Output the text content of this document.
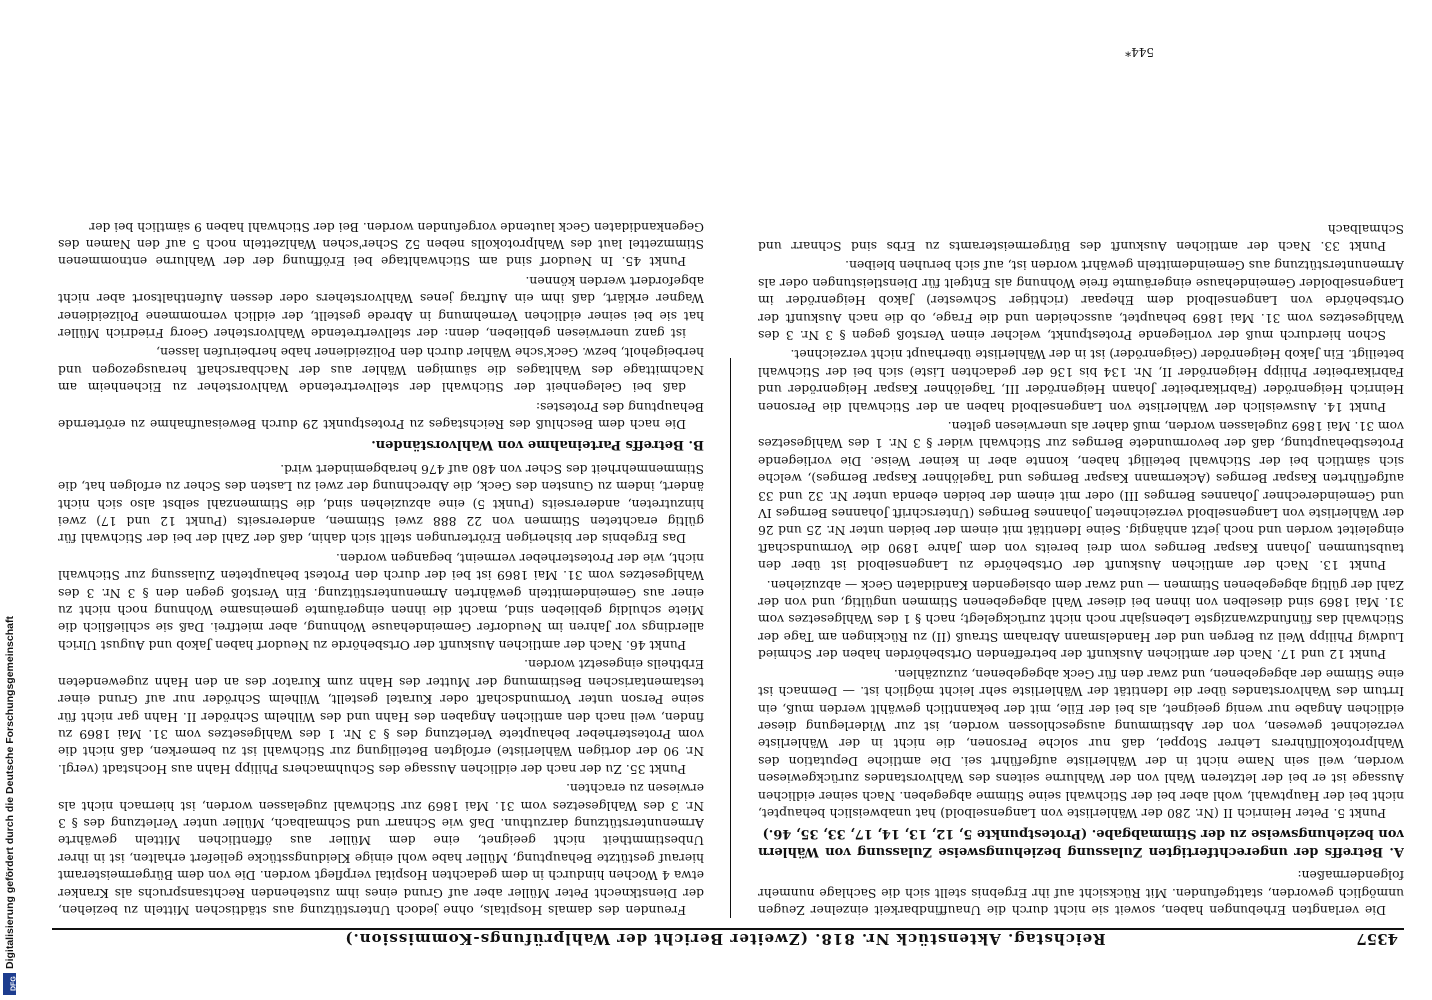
4357
Reichstag. Aktenstück Nr. 818. (Zweiter Bericht der Wahlprüfungs-Kommission.)

Die verlangten Erhebungen haben, soweit sie nicht durch die Unauffindbarkeit einzelner Zeugen unmöglich geworden, stattgefunden. Mit Rücksicht auf ihr Ergebnis stellt sich die Sachlage nunmehr folgendermaßen:

A. Betreffs der ungerechtfertigten Zulassung beziehungsweise Zulassung von Wählern von beziehungsweise zu der Stimmabgabe. (Protestpunkte 5, 12, 13, 14, 17, 33, 35, 46.)

Punkt 5. Peter Heinrich II (Nr. 280 der Wählerliste von Langenselbold) hat unabweislich behauptet, nicht bei der Hauptwahl, wohl aber bei der Stichwahl seine Stimme abgegeben. Nach seiner eidlichen Aussage ist er bei der letzteren Wahl von der Wahlurne seitens des Wahlvorstandes zurückgewiesen worden, weil sein Name nicht in der Wählerliste aufgeführt sei. Die amtliche Deputation des Wahlprotokollführers Lehrer Stoppel, daß nur solche Personen, die nicht in der Wählerliste verzeichnet gewesen, von der Abstimmung ausgeschlossen worden, ist zur Widerlegung dieser eidlichen Angabe nur wenig geeignet, als bei der Eile, mit der bekanntlich gewählt werden muß, ein Irrtum des Wahlvorstandes über die Identität der Wählerliste sehr leicht möglich ist. — Demnach ist eine Stimme der abgegebenen, und zwar den für Geck abgegebenen, zuzuzählen.

Punkt 12 und 17. Nach der amtlichen Auskunft der betreffenden Ortsbehörden haben der Schmied Ludwig Philipp Weil zu Bergen und der Handelsmann Abraham Strauß (II) zu Rückingen am Tage der Stichwahl das fünfundzwanzigste Lebensjahr noch nicht zurückgelegt; nach § 1 des Wahlgesetzes vom 31. Mai 1869 sind dieselben von ihnen bei dieser Wahl abgegebenen Stimmen ungültig, und von der Zahl der gültig abgegebenen Stimmen — und zwar dem obsiegenden Kandidaten Geck — abzuziehen.

Punkt 13. Nach der amtlichen Auskunft der Ortsbehörde zu Langenselbold ist über den taubstummen Johann Kaspar Bernges vom drei bereits von dem Jahre 1890 die Vormundschaft eingeleitet worden und noch jetzt anhängig. Seine Identität mit einem der beiden unter Nr. 25 und 26 der Wählerliste von Langenselbold verzeichneten Johannes Bernges (Unterschrift Johannes Bernges IV und Gemeinderechner Johannes Bernges III) oder mit einem der beiden ebenda unter Nr. 32 und 33 aufgeführten Kaspar Bernges (Ackermann Kaspar Bernges und Tagelöhner Kaspar Bernges), welche sich sämtlich bei der Stichwahl beteiligt haben, konnte aber in keiner Weise. Die vorliegende Protestbehauptung, daß der bevormundete Bernges zur Stichwahl wider § 3 Nr. 1 des Wahlgesetzes vom 31. Mai 1869 zugelassen worden, muß daher als unerwiesen gelten.

Punkt 14. Ausweislich der Wählerliste von Langenselbold haben an der Stichwahl die Personen Heinrich Heigenröder (Fabrikarbeiter Johann Heigenröder III, Tagelöhner Kaspar Heigenröder und Fabrikarbeiter Philipp Heigenröder II, Nr. 134 bis 136 der gedachten Liste) sich bei der Stichwahl beteiligt. Ein Jakob Heigenröder (Geigenröder) ist in der Wählerliste überhaupt nicht verzeichnet.

Schon hierdurch muß der vorliegende Protestpunkt, welcher einen Verstoß gegen § 3 Nr. 3 des Wahlgesetzes vom 31. Mai 1869 behauptet, ausscheiden und die Frage, ob die nach Auskunft der Ortsbehörde von Langenselbold dem Ehepaar (richtiger Schwester) Jakob Heigenröder im Langenselbolder Gemeindehause eingeräumte freie Wohnung als Entgelt für Dienstleistungen oder als Armenunterstützung aus Gemeindemitteln gewährt worden ist, auf sich beruhen bleiben.

Punkt 33. Nach der amtlichen Auskunft des Bürgermeisteramts zu Erbs sind Schnarr und Schmalbach

Freunden des damals Hospitals, ohne jedoch Unterstützung aus städtischen Mitteln zu beziehen, der Dienstknecht Peter Müller aber auf Grund eines ihm zustehenden Rechtsanspruchs als Kranker etwa 4 Wochen hindurch in dem gedachten Hospital verpflegt worden. Die von dem Bürgermeisteramt hierauf gestützte Behauptung, Müller habe wohl einige Kleidungsstücke geliefert erhalten, ist in ihrer Unbestimmtheit nicht geeignet, eine dem Müller aus öffentlichen Mitteln gewährte Armenunterstützung darzuthun. Daß wie Schnarr und Schmalbach, Müller unter Verletzung des § 3 Nr. 3 des Wahlgesetzes vom 31. Mai 1869 zur Stichwahl zugelassen worden, ist hiernach nicht als erwiesen zu erachten.

Punkt 35. Zu der nach der eidlichen Aussage des Schuhmachers Philipp Hahn aus Hochstadt (vergl. Nr. 90 der dortigen Wählerliste) erfolgten Beteiligung zur Stichwahl ist zu bemerken, daß nicht die vom Protesterheber behauptete Verletzung des § 3 Nr. 1 des Wahlgesetzes vom 31. Mai 1869 zu finden, weil nach den amtlichen Angaben des Hahn und des Wilhelm Schröder II. Hahn gar nicht für seine Person unter Vormundschaft oder Kuratel gestellt, Wilhelm Schröder nur auf Grund einer testamentarischen Bestimmung der Mutter des Hahn zum Kurator des an den Hahn zugewendeten Erbtheils eingesetzt worden.

Punkt 46. Nach der amtlichen Auskunft der Ortsbehörde zu Neudorf haben Jakob und August Ulrich allerdings vor Jahren im Neudorfer Gemeindehause Wohnung, aber mietfrei. Daß sie schließlich die Miete schuldig geblieben sind, macht die ihnen eingeräumte gemeinsame Wohnung noch nicht zu einer aus Gemeindemitteln gewährten Armenunterstützung. Ein Verstoß gegen den § 3 Nr. 3 des Wahlgesetzes vom 31. Mai 1869 ist bei der durch den Protest behaupteten Zulassung zur Stichwahl nicht, wie der Protesterheber vermeint, begangen worden.

Das Ergebnis der bisherigen Erörterungen stellt sich dahin, daß der Zahl der bei der Stichwahl für gültig erachteten Stimmen von 22 888 zwei Stimmen, andererseits (Punkt 12 und 17) zwei hinzutreten, andererseits (Punkt 5) eine abzuziehen sind, die Stimmenzahl selbst also sich nicht ändert, indem zu Gunsten des Geck, die Abrechnung der zwei zu Lasten des Scher zu erfolgen hat, die Stimmenmehrheit des Scher von 480 auf 476 herabgemindert wird.

B. Betreffs Parteinahme von Wahlvorständen.

Die nach dem Beschluß des Reichstages zu Protestpunkt 29 durch Beweisaufnahme zu erörternde Behauptung des Protestes:

daß bei Gelegenheit der Stichwahl der stellvertretende Wahlvorsteher zu Eichenheim am Nachmittage des Wahltages die säumigen Wähler aus der Nachbarschaft herausgezogen und herbeigeholt, bezw. Geck'sche Wähler durch den Polizeidiener habe herbeirufen lassen,

ist ganz unerwiesen geblieben, denn: der stellvertretende Wahlvorsteher Georg Friedrich Müller hat sie bei seiner eidlichen Vernehmung in Abrede gestellt, der eidlich vernommene Polizeidiener Wagner erklärt, daß ihm ein Auftrag jenes Wahlvorstehers oder dessen Aufenthaltsort aber nicht abgefordert werden können.

Punkt 45. In Neudorf sind am Stichwahltage bei Eröffnung der der Wahlurne entnommenen Stimmzettel laut des Wahlprotokolls neben 52 Scher'schen Wahlzetteln noch 5 auf den Namen des Gegenkandidaten Geck lautende vorgefunden worden. Bei der Stichwahl haben 9 sämtlich bei der

544*
DFG
Digitalisierung gefördert durch die Deutsche Forschungsgemeinschaft
